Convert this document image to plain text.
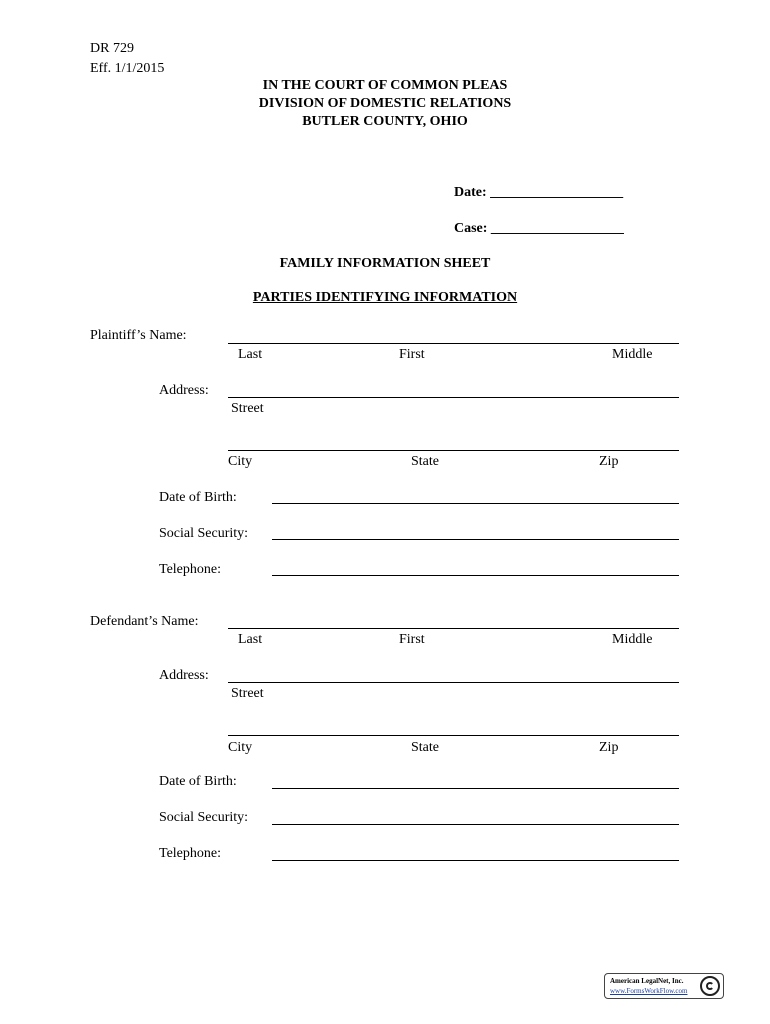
DR 729
Eff. 1/1/2015
IN THE COURT OF COMMON PLEAS
DIVISION OF DOMESTIC RELATIONS
BUTLER COUNTY, OHIO
Date: ___________________
Case: ___________________
FAMILY INFORMATION SHEET
PARTIES IDENTIFYING INFORMATION
Plaintiff’s Name:
Last	First	Middle
Address:
Street
City	State	Zip
Date of Birth:
Social Security:
Telephone:
Defendant’s Name:
Last	First	Middle
Address:
Street
City	State	Zip
Date of Birth:
Social Security:
Telephone:
American LegalNet, Inc.
www.FormsWorkFlow.com
